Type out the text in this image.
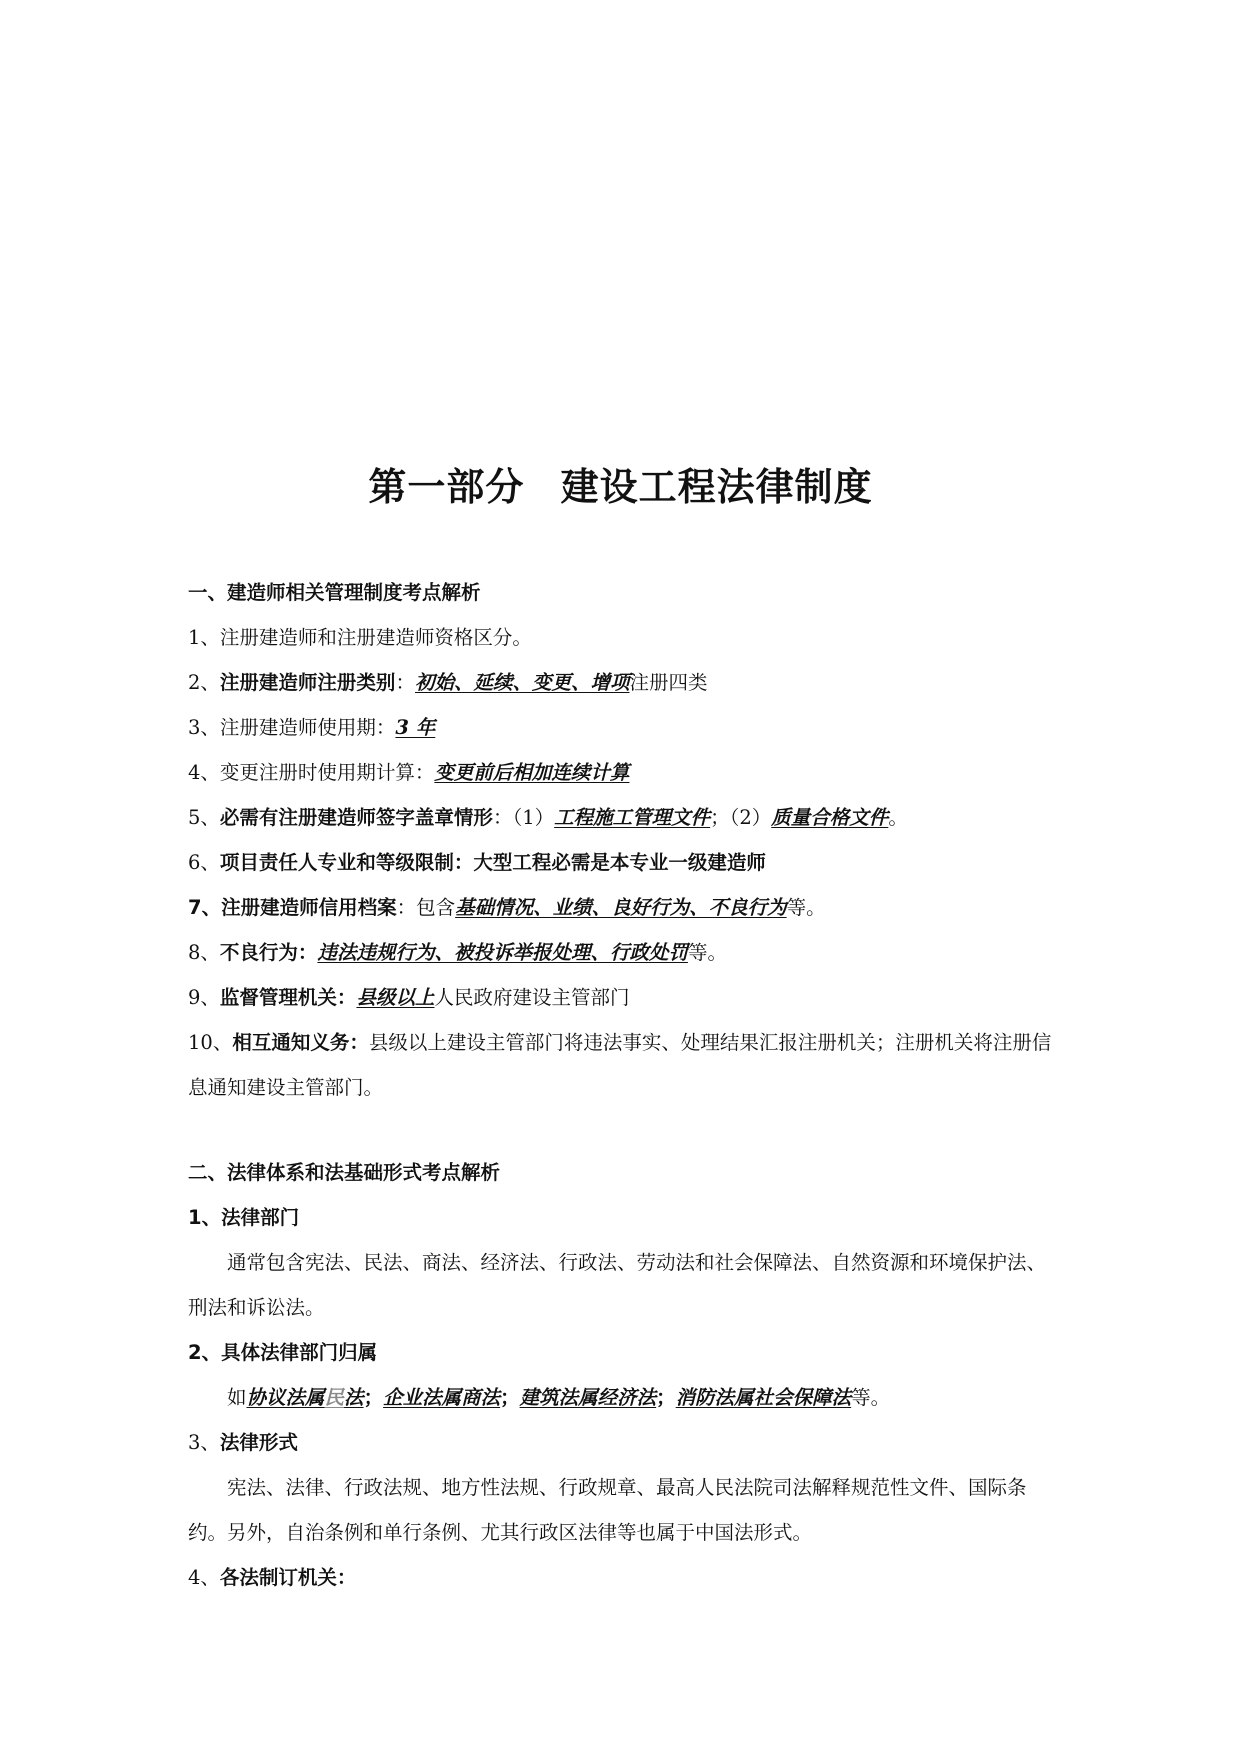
第一部分 建设工程法律制度
一、建造师相关管理制度考点解析
1、注册建造师和注册建造师资格区分。
2、注册建造师注册类别：初始、延续、变更、增项注册四类
3、注册建造师使用期：3 年
4、变更注册时使用期计算：变更前后相加连续计算
5、必需有注册建造师签字盖章情形：（1）工程施工管理文件；（2）质量合格文件。
6、项目责任人专业和等级限制：大型工程必需是本专业一级建造师
7、注册建造师信用档案：包含基础情况、业绩、良好行为、不良行为等。
8、不良行为：违法违规行为、被投诉举报处理、行政处罚等。
9、监督管理机关：县级以上人民政府建设主管部门
10、相互通知义务：县级以上建设主管部门将违法事实、处理结果汇报注册机关；注册机关将注册信息通知建设主管部门。
二、法律体系和法基础形式考点解析
1、法律部门
通常包含宪法、民法、商法、经济法、行政法、劳动法和社会保障法、自然资源和环境保护法、刑法和诉讼法。
2、具体法律部门归属
如协议法属民法；企业法属商法；建筑法属经济法；消防法属社会保障法等。
3、法律形式
宪法、法律、行政法规、地方性法规、行政规章、最高人民法院司法解释规范性文件、国际条约。另外，自治条例和单行条例、尤其行政区法律等也属于中国法形式。
4、各法制订机关：
